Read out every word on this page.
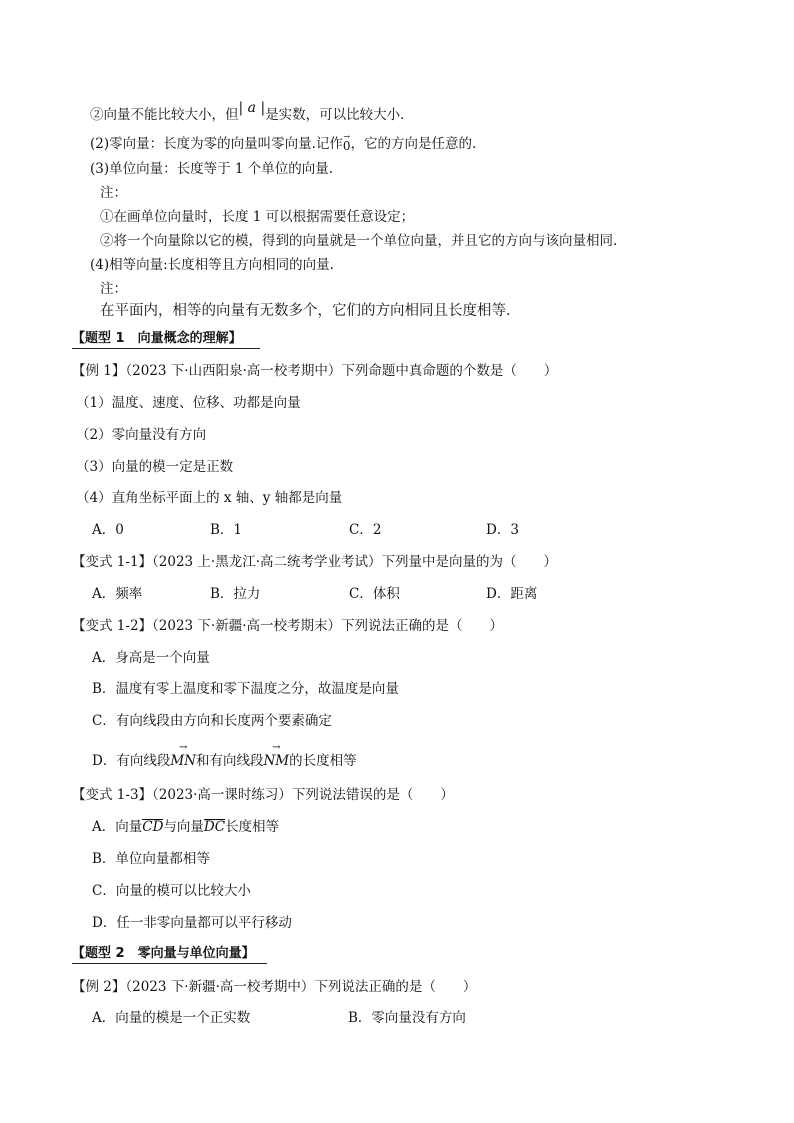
②向量不能比较大小，但| a |是实数，可以比较大小．
(2)零向量：长度为零的向量叫零向量.记作 →
0，它的方向是任意的.
(3)单位向量：长度等于 1 个单位的向量.
注：
①在画单位向量时，长度 1 可以根据需要任意设定；
②将一个向量除以它的模，得到的向量就是一个单位向量，并且它的方向与该向量相同.
(4)相等向量:长度相等且方向相同的向量.
注：
在平面内，相等的向量有无数多个，它们的方向相同且长度相等．
【题型 1　向量概念的理解】
【例 1】（2023 下·山西阳泉·高一校考期中）下列命题中真命题的个数是（　　）
（1）温度、速度、位移、功都是向量
（2）零向量没有方向
（3）向量的模一定是正数
（4）直角坐标平面上的 x 轴、y 轴都是向量
A．0	B．1	C．2	D．3
【变式 1-1】（2023 上·黑龙江·高二统考学业考试）下列量中是向量的为（　　）
A．频率	B．拉力	C．体积	D．距离
【变式 1-2】（2023 下·新疆·高一校考期末）下列说法正确的是（　　）
A．身高是一个向量
B．温度有零上温度和零下温度之分，故温度是向量
C．有向线段由方向和长度两个要素确定
D．有向线段
→
MN和有向线段
→
NM的长度相等
【变式 1-3】（2023·高一课时练习）下列说法错误的是（　　）
A．向量CD与向量DC长度相等
B．单位向量都相等
C．向量的模可以比较大小
D．任一非零向量都可以平行移动
【题型 2　零向量与单位向量】
【例 2】（2023 下·新疆·高一校考期中）下列说法正确的是（　　）
A．向量的模是一个正实数	B．零向量没有方向
